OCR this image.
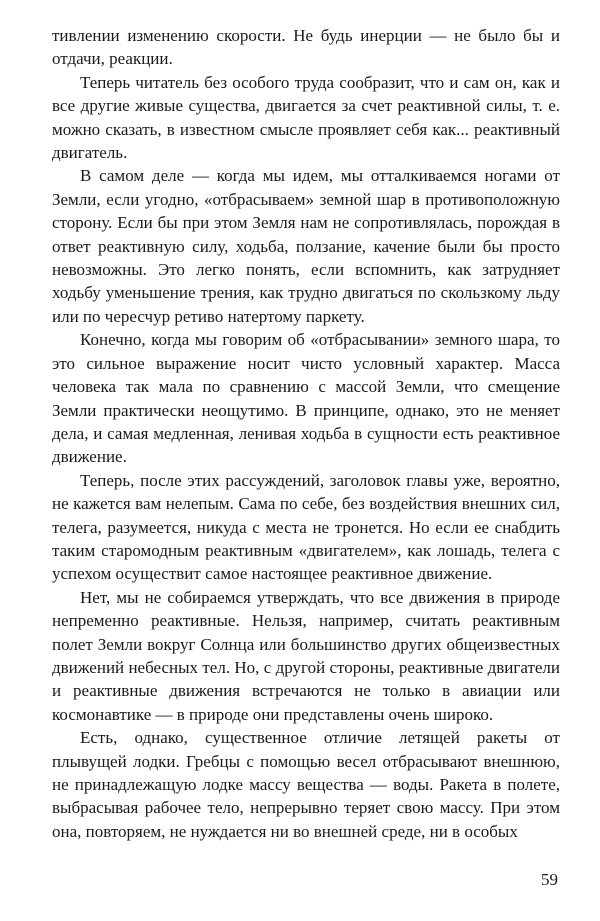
тивлении изменению скорости. Не будь инерции — не было бы и отдачи, реакции.

Теперь читатель без особого труда сообразит, что и сам он, как и все другие живые существа, двигается за счет реактивной силы, т. е. можно сказать, в известном смысле проявляет себя как... реактивный двигатель.

В самом деле — когда мы идем, мы отталкиваемся ногами от Земли, если угодно, «отбрасываем» земной шар в противоположную сторону. Если бы при этом Земля нам не сопротивлялась, порождая в ответ реактивную силу, ходьба, ползание, качение были бы просто невозможны. Это легко понять, если вспомнить, как затрудняет ходьбу уменьшение трения, как трудно двигаться по скользкому льду или по чересчур ретиво натертому паркету.

Конечно, когда мы говорим об «отбрасывании» земного шара, то это сильное выражение носит чисто условный характер. Масса человека так мала по сравнению с массой Земли, что смещение Земли практически неощутимо. В принципе, однако, это не меняет дела, и самая медленная, ленивая ходьба в сущности есть реактивное движение.

Теперь, после этих рассуждений, заголовок главы уже, вероятно, не кажется вам нелепым. Сама по себе, без воздействия внешних сил, телега, разумеется, никуда с места не тронется. Но если ее снабдить таким старомодным реактивным «двигателем», как лошадь, телега с успехом осуществит самое настоящее реактивное движение.

Нет, мы не собираемся утверждать, что все движения в природе непременно реактивные. Нельзя, например, считать реактивным полет Земли вокруг Солнца или большинство других общеизвестных движений небесных тел. Но, с другой стороны, реактивные двигатели и реактивные движения встречаются не только в авиации или космонавтике — в природе они представлены очень широко.

Есть, однако, существенное отличие летящей ракеты от плывущей лодки. Гребцы с помощью весел отбрасывают внешнюю, не принадлежащую лодке массу вещества — воды. Ракета в полете, выбрасывая рабочее тело, непрерывно теряет свою массу. При этом она, повторяем, не нуждается ни во внешней среде, ни в особых

59
